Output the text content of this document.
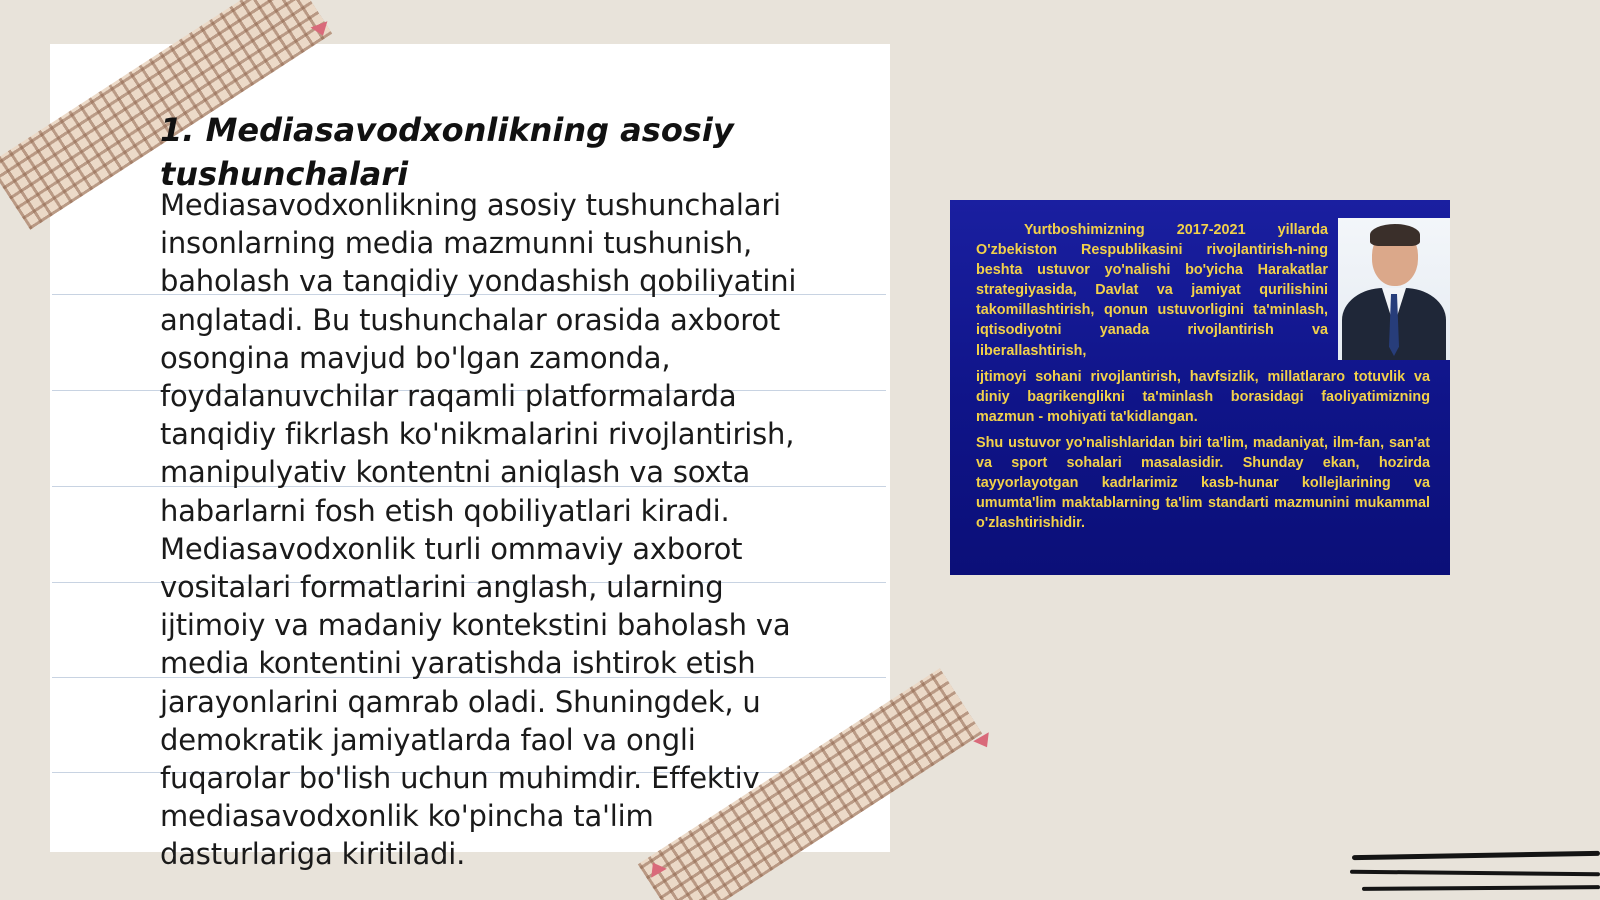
1. Mediasavodxonlikning asosiy tushunchalari

Mediasavodxonlikning asosiy tushunchalari insonlarning media mazmunni tushunish, baholash va tanqidiy yondashish qobiliyatini anglatadi. Bu tushunchalar orasida axborot osongina mavjud bo'lgan zamonda, foydalanuvchilar raqamli platformalarda tanqidiy fikrlash ko'nikmalarini rivojlantirish, manipulyativ kontentni aniqlash va soxta habarlarni fosh etish qobiliyatlari kiradi. Mediasavodxonlik turli ommaviy axborot vositalari formatlarini anglash, ularning ijtimoiy va madaniy kontekstini baholash va media kontentini yaratishda ishtirok etish jarayonlarini qamrab oladi. Shuningdek, u demokratik jamiyatlarda faol va ongli fuqarolar bo'lish uchun muhimdir. Effektiv mediasavodxonlik ko'pincha ta'lim dasturlariga kiritiladi.

Yurtboshimizning 2017-2021 yillarda O'zbekiston Respublikasini rivojlantirish-ning beshta ustuvor yo'nalishi bo'yicha Harakatlar strategiyasida, Davlat va jamiyat qurilishini takomillashtirish, qonun ustuvorligini ta'minlash, iqtisodiyotni yanada rivojlantirish va liberallashtirish,

ijtimoyi sohani rivojlantirish, havfsizlik, millatlararo totuvlik va diniy bagrikenglikni ta'minlash borasidagi faoliyatimizning mazmun - mohiyati ta'kidlangan.

Shu ustuvor yo'nalishlaridan biri ta'lim, madaniyat, ilm-fan, san'at va sport sohalari masalasidir. Shunday ekan, hozirda tayyorlayotgan kadrlarimiz kasb-hunar kollejlarining va umumta'lim maktablarning ta'lim standarti mazmunini mukammal o'zlashtirishidir.
